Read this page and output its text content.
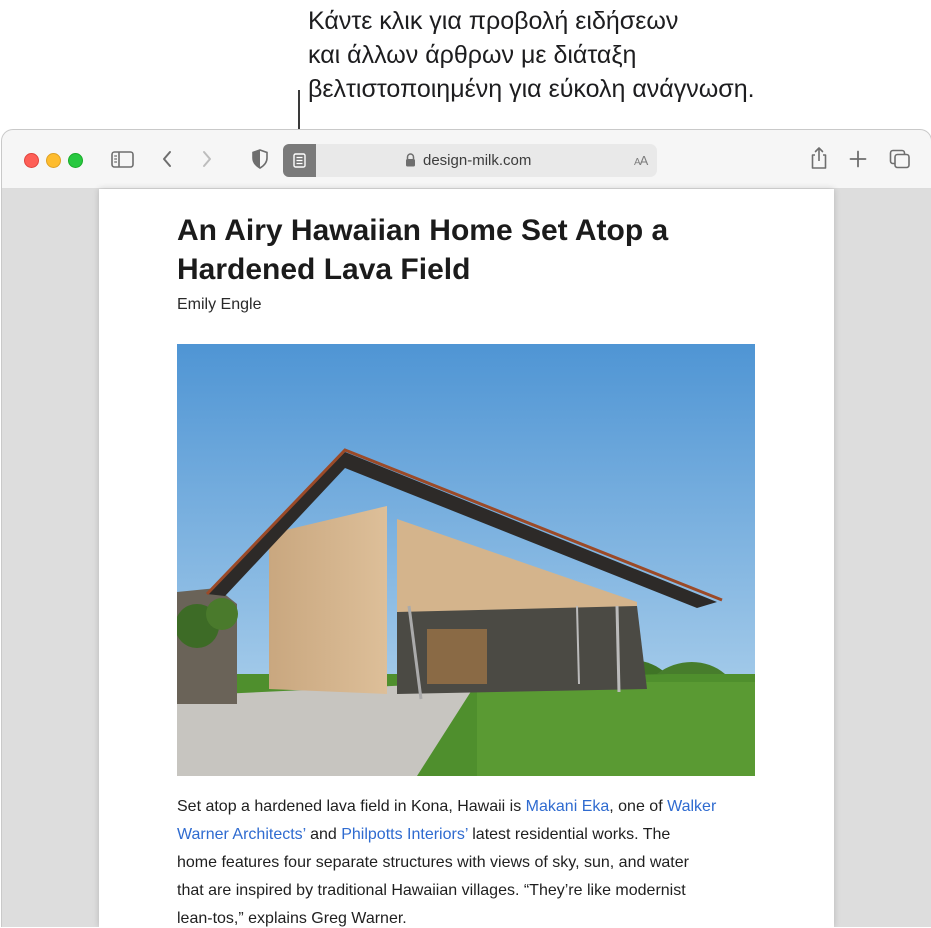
Κάντε κλικ για προβολή ειδήσεων
και άλλων άρθρων με διάταξη
βελτιστοποιημένη για εύκολη ανάγνωση.
design-milk.com	AA
An Airy Hawaiian Home Set Atop a
Hardened Lava Field
Emily Engle
Set atop a hardened lava field in Kona, Hawaii is Makani Eka, one of Walker
Warner Architects’ and Philpotts Interiors’ latest residential works. The
home features four separate structures with views of sky, sun, and water
that are inspired by traditional Hawaiian villages. “They’re like modernist
lean-tos,” explains Greg Warner.
